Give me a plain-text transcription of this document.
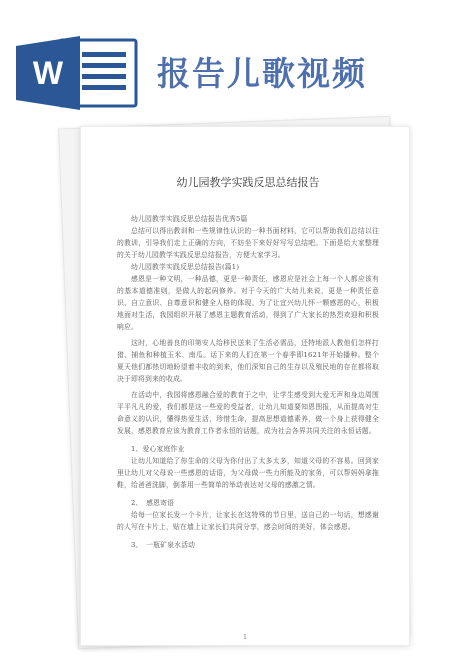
W	报告儿歌视频
幼儿园教学实践反思总结报告

幼儿园教学实践反思总结报告优秀5篇

总结可以得出教训和一些规律性认识的一种书面材料，它可以帮助我们总结以往的教训，引导我们走上正确的方向，不妨坐下来好好写写总结吧。下面是给大家整理的关于幼儿园教学实践反思总结报告，方便大家学习。

幼儿园教学实践反思总结报告(篇1)

感恩是一种文明，一种品德，更是一种责任，感恩应是社会上每一个人都应该有的基本道德准则，是做人的起码修养。对于今天的广大幼儿来说，更是一种责任意识、自立意识、自尊意识和健全人格的体现。为了让宜兴幼儿怀一颗感恩的心，积极地面对生活，我园组织开展了感恩主题教育活动，得到了广大家长的热烈欢迎和积极响应。

这时，心地善良的印第安人给移民送来了生活必需品，还特地派人教他们怎样打猎、捕鱼和种植玉米、南瓜。话下来的人们在第一个春季即1621年开始播种。整个夏天他们都热切地盼望着丰收的到来，他们深知自己的生存以及殖民地的存在都将取决于即将到来的收成。

在活动中，我园将感恩融合爱的教育于之中，让学生感受到大爱无声和身边周围平平凡凡的爱，我们都是这一些爱的受益者，让幼儿知道要知恩图报，从而提高对生命意义的认识，懂得热爱生活，珍惜生命，提高思想道德素养，做一个身上获得健全发展，感恩教育应该为教育工作者永恒的话题，成为社会各界共同关注的永恒话题。

1、爱心家庭作业

让幼儿知道给了你生命的父母为你付出了太多太多，知道父母的不容易。回到家里让幼儿对父母说一些感恩的话语，为父母做一些力所能及的家务，可以帮妈妈拿拖鞋，给爸爸洗脚，倒茶用一些简单的举动表达对父母的感激之情。

2、　感恩寄语

给每一位家长发一个卡片，让家长在这特殊的节日里，送自己的一句话，想感谢的人写在卡片上，贴在墙上让家长们共同分享，感会时间的美好，体会感恩。

3、　一瓶矿泉水活动

1
